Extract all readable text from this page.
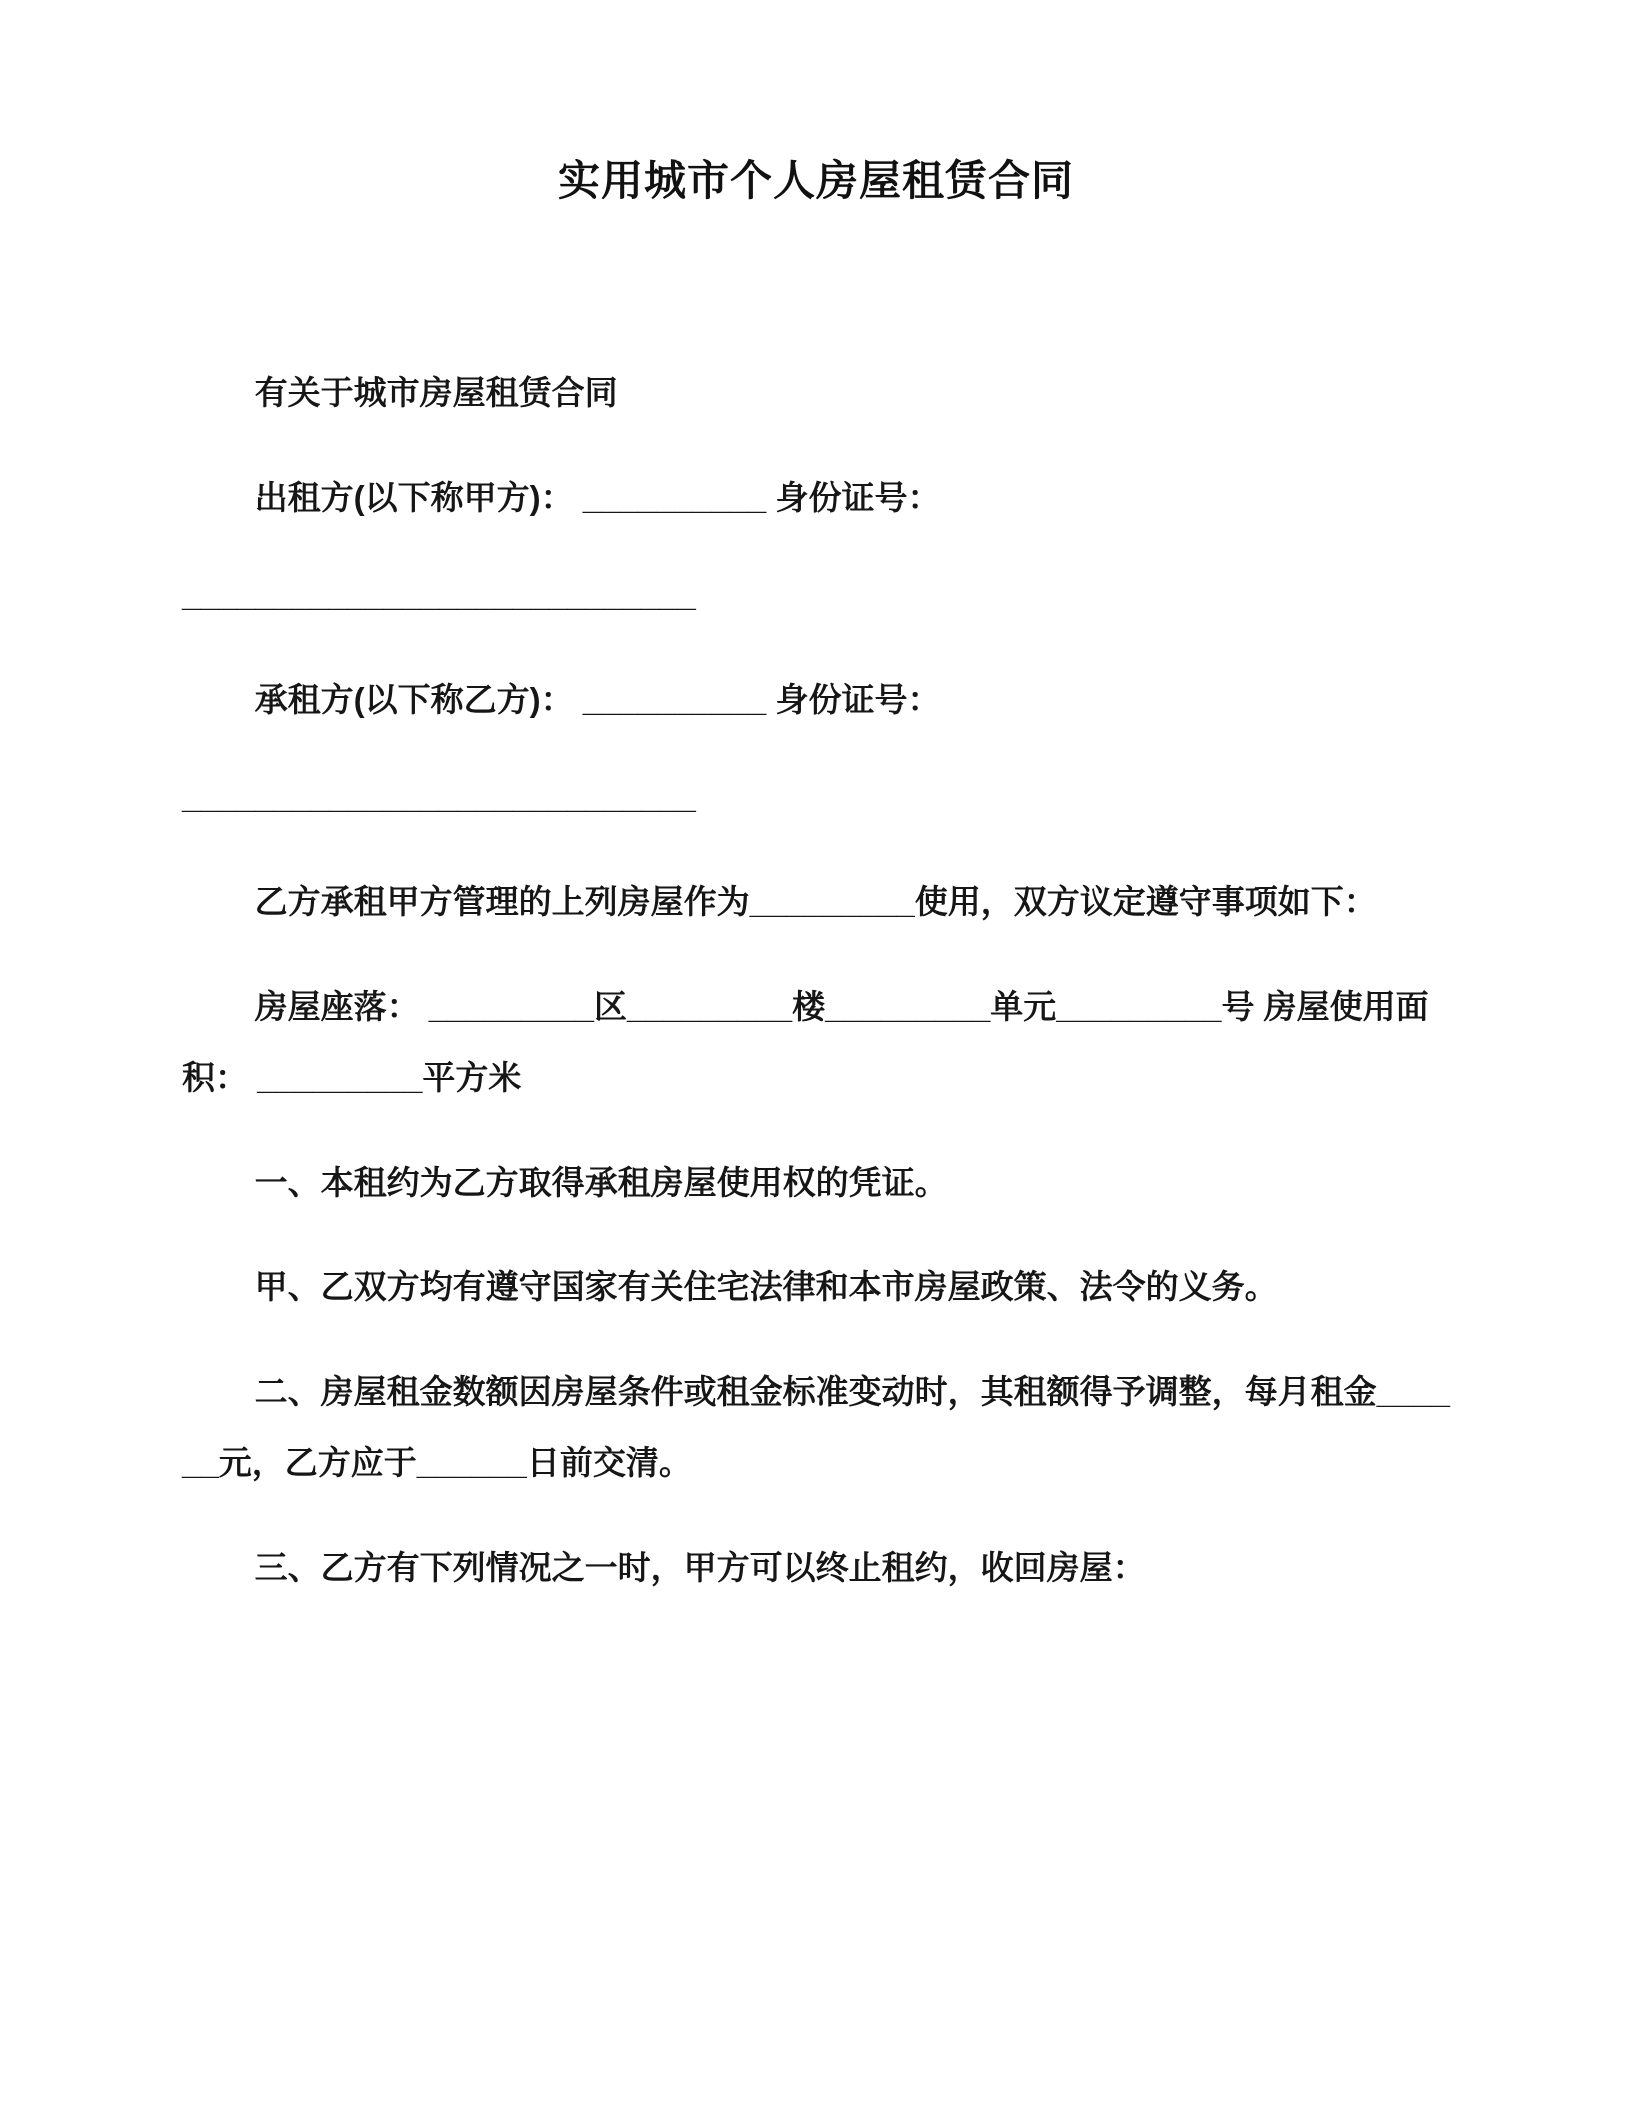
实用城市个人房屋租赁合同

有关于城市房屋租赁合同

出租方(以下称甲方)： __________ 身份证号：

____________________________

承租方(以下称乙方)： __________ 身份证号：

____________________________

乙方承租甲方管理的上列房屋作为_________使用，双方议定遵守事项如下：

房屋座落： _________区_________楼_________单元_________号 房屋使用面积： _________平方米

一、本租约为乙方取得承租房屋使用权的凭证。

甲、乙双方均有遵守国家有关住宅法律和本市房屋政策、法令的义务。

二、房屋租金数额因房屋条件或租金标准变动时，其租额得予调整，每月租金______元，乙方应于______日前交清。

三、乙方有下列情况之一时，甲方可以终止租约，收回房屋：
